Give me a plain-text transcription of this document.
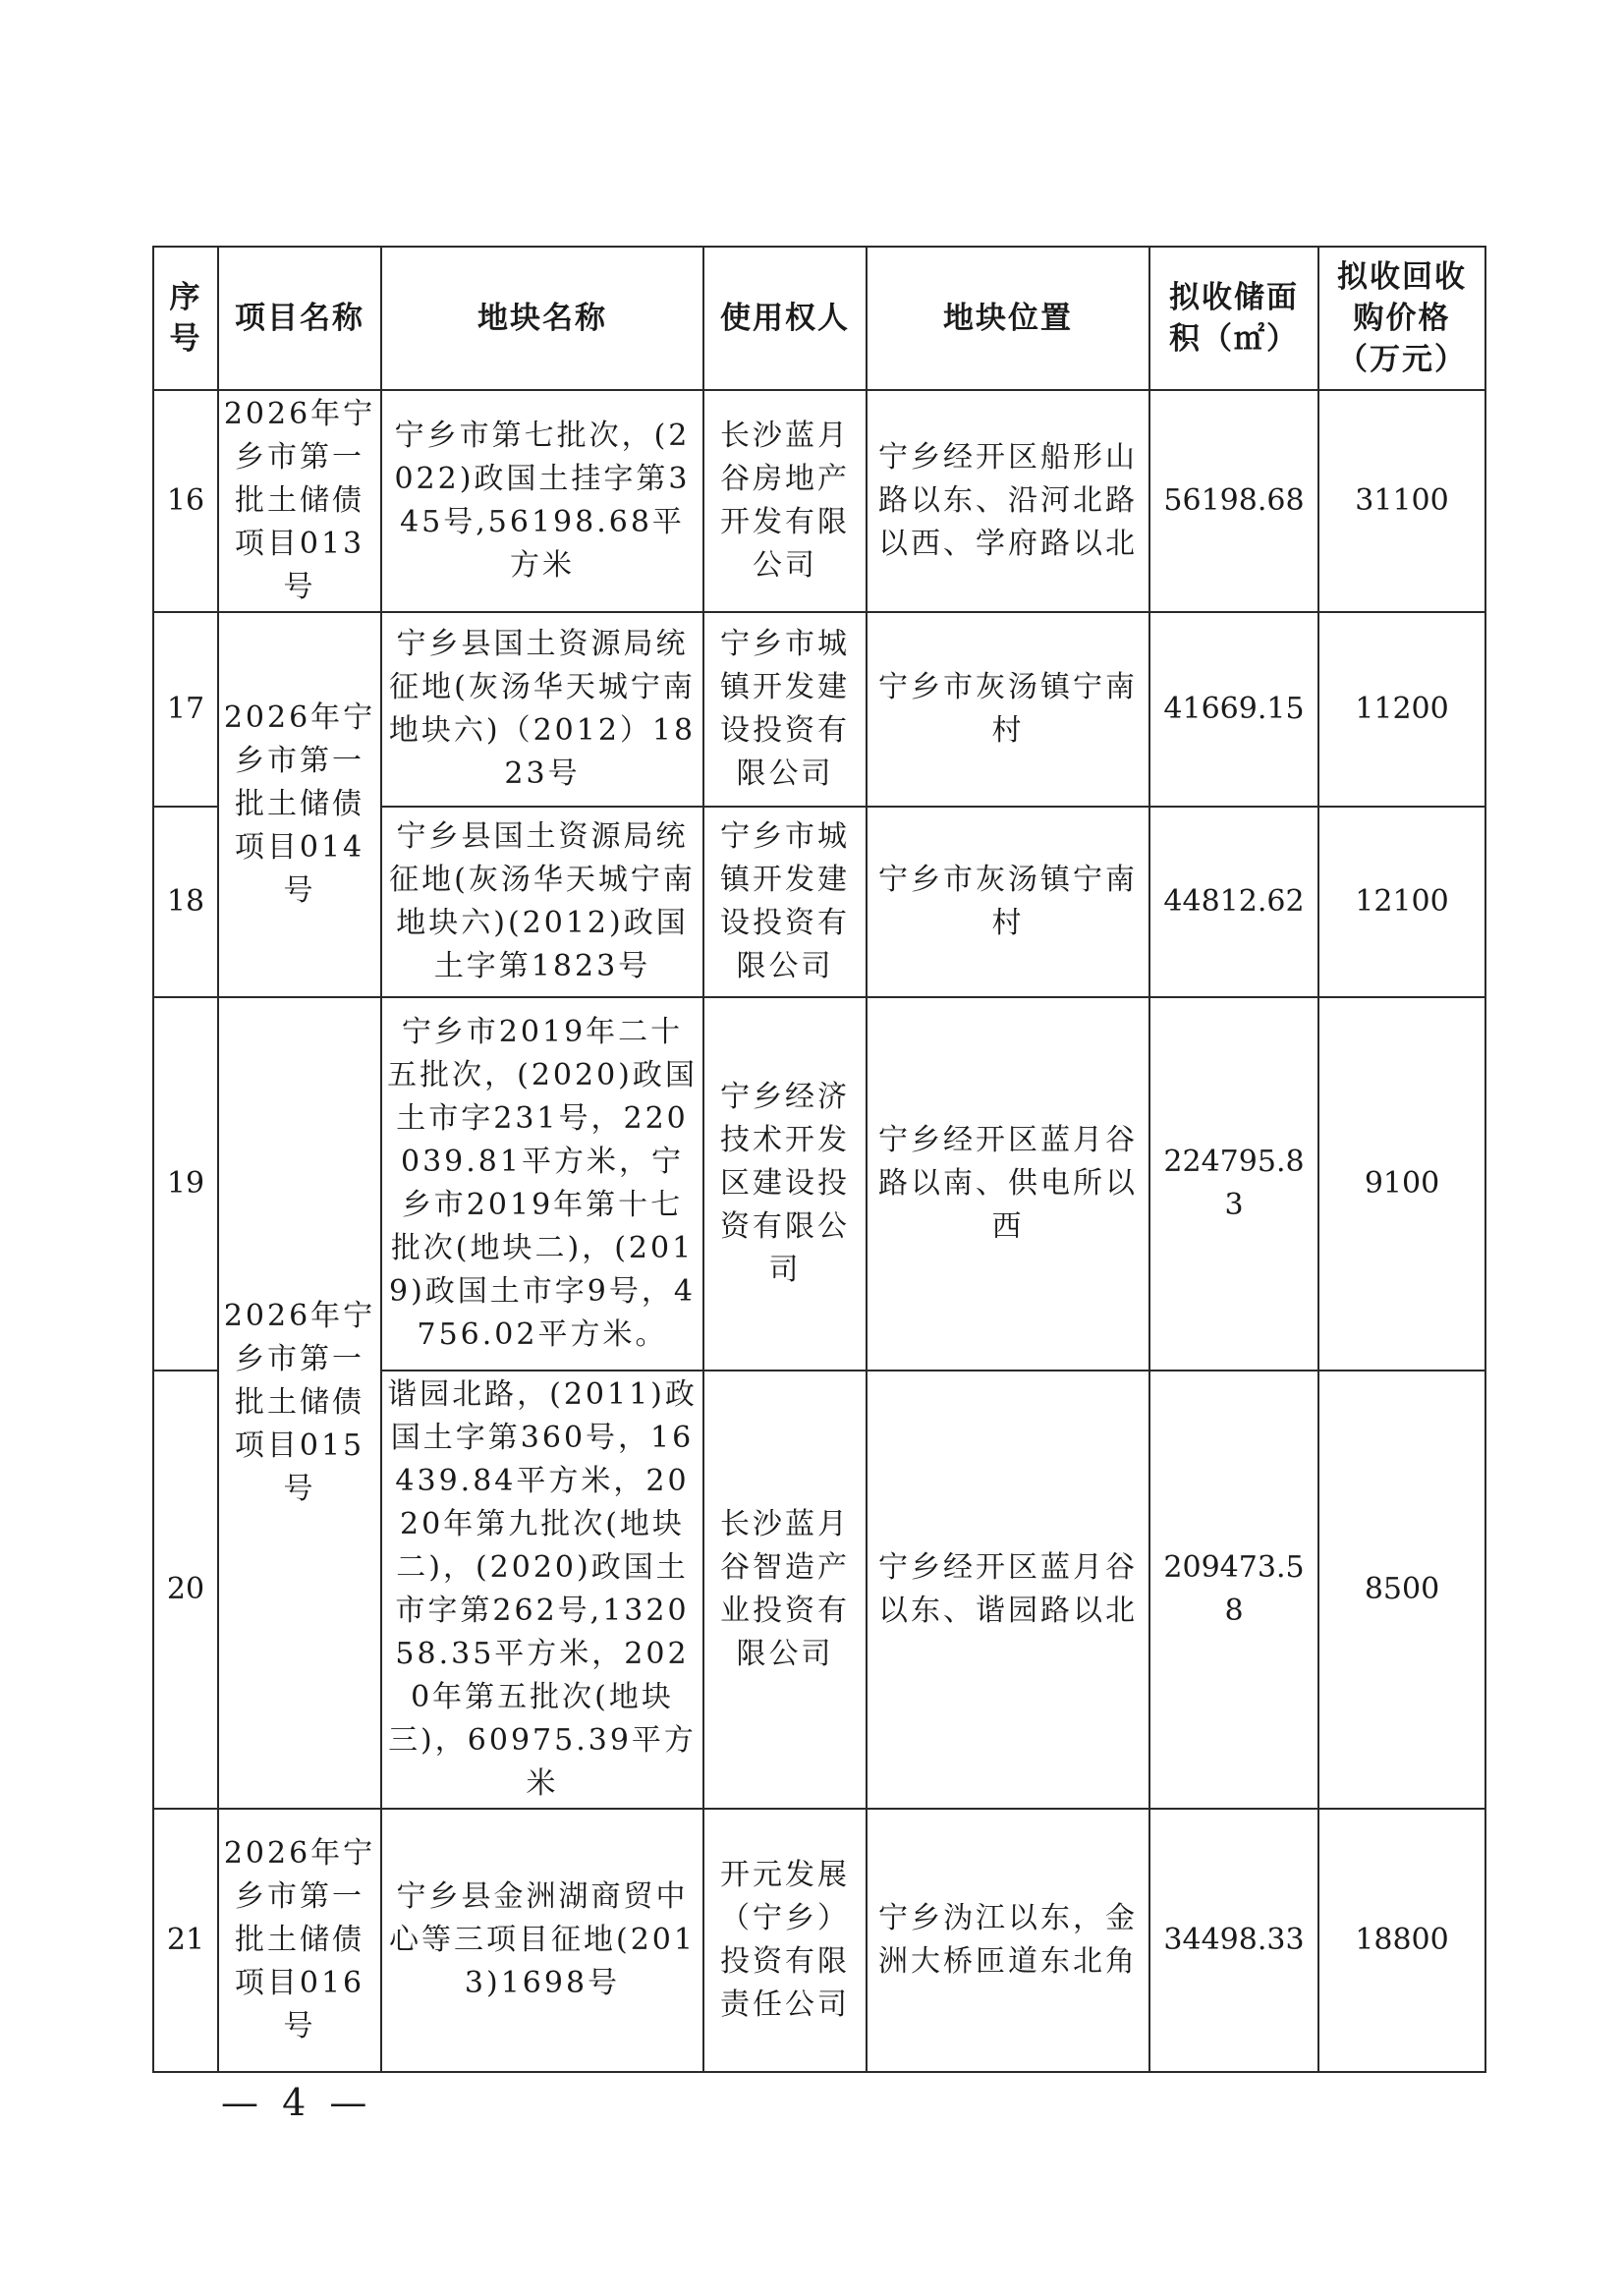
序号	项目名称	地块名称	使用权人	地块位置	拟收储面积（㎡）	拟收回收购价格（万元）
16	2026年宁乡市第一批土储债项目013号	宁乡市第七批次，(2022)政国土挂字第345号,56198.68平方米	长沙蓝月谷房地产开发有限公司	宁乡经开区船形山路以东、沿河北路以西、学府路以北	56198.68	31100
17	2026年宁乡市第一批土储债项目014号	宁乡县国土资源局统征地(灰汤华天城宁南地块六)（2012）1823号	宁乡市城镇开发建设投资有限公司	宁乡市灰汤镇宁南村	41669.15	11200
18		宁乡县国土资源局统征地(灰汤华天城宁南地块六)(2012)政国土字第1823号	宁乡市城镇开发建设投资有限公司	宁乡市灰汤镇宁南村	44812.62	12100
19	2026年宁乡市第一批土储债项目015号	宁乡市2019年二十五批次，(2020)政国土市字231号，220039.81平方米，宁乡市2019年第十七批次(地块二)，(2019)政国土市字9号，4756.02平方米。	宁乡经济技术开发区建设投资有限公司	宁乡经开区蓝月谷路以南、供电所以西	224795.83	9100
20		谐园北路，(2011)政国土字第360号，16439.84平方米，2020年第九批次(地块二)，(2020)政国土市字第262号,132058.35平方米，2020年第五批次(地块三)，60975.39平方米	长沙蓝月谷智造产业投资有限公司	宁乡经开区蓝月谷以东、谐园路以北	209473.58	8500
21	2026年宁乡市第一批土储债项目016号	宁乡县金洲湖商贸中心等三项目征地(2013)1698号	开元发展（宁乡）投资有限责任公司	宁乡沩江以东，金洲大桥匝道东北角	34498.33	18800
— 4 —
